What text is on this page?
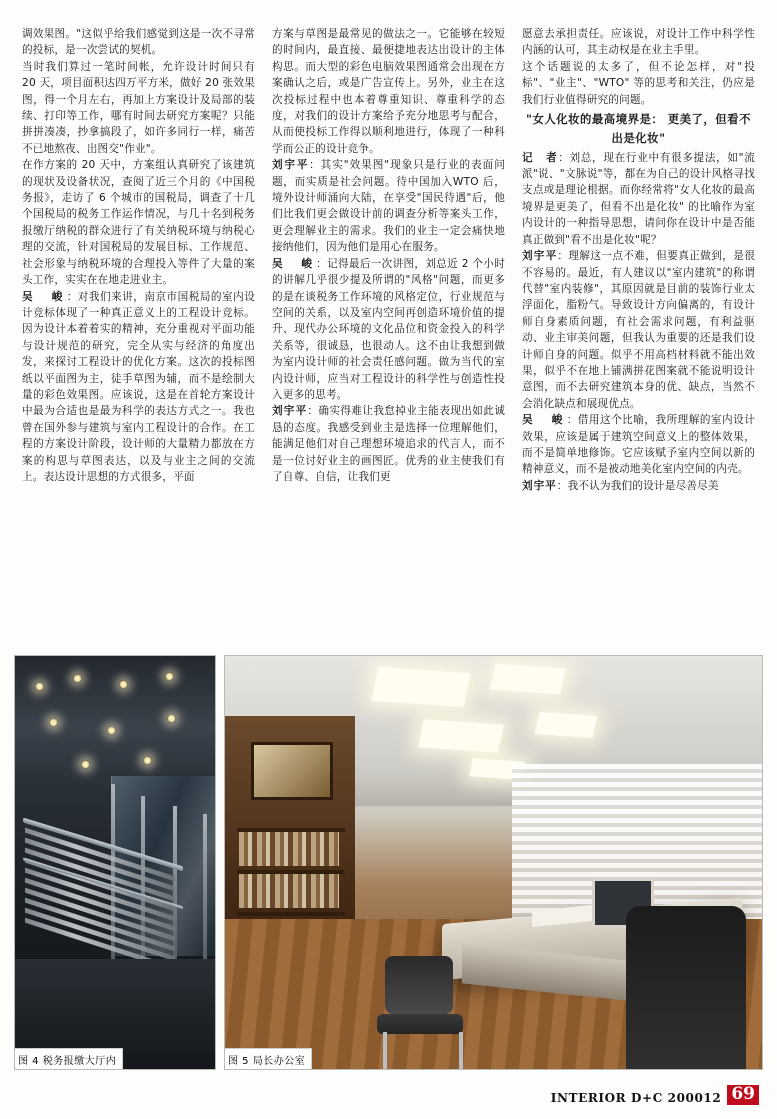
调效果图。"这似乎给我们感觉到这是一次不寻常的投标，是一次尝试的契机。

当时我们算过一笔时间帐，允许设计时间只有 20 天，项目面积达四万平方米，做好 20 张效果图，得一个月左右，再加上方案设计及局部的装续、打印等工作，哪有时间去研究方案呢？只能拼拼凑凑，抄拿搞段了，如许多同行一样，痛苦不已地熬夜、出图交"作业"。

在作方案的 20 天中，方案组认真研究了该建筑的现状及设备状况，查阅了近三个月的《中国税务报》，走访了 6 个城市的国税局，调查了十几个国税局的税务工作运作情况，与几十名到税务报缴厅纳税的群众进行了有关纳税环境与纳税心理的交流，针对国税局的发展目标、工作规范、社会形象与纳税环境的合理投入等件了大量的案头工作，实实在在地走进业主。

吴　峻：对我们来讲，南京市国税局的室内设计竞标体现了一种真正意义上的工程设计竞标。因为设计本着着实的精神，充分重视对平面功能与设计规范的研究，完全从实与经济的角度出发，来探讨工程设计的优化方案。这次的投标图纸以平面图为主，徒手草图为辅，而不是绘制大量的彩色效果图。应该说，这是在首轮方案设计中最为合适也是最为科学的表达方式之一。我也曾在国外参与建筑与室内工程设计的合作。在工程的方案设计阶段，设计师的大量精力都放在方案的构思与草图表达，以及与业主之间的交流上。表达设计思想的方式很多，平面

方案与草图是最常见的做法之一。它能够在较短的时间内，最直接、最便捷地表达出设计的主体构思。而大型的彩色电脑效果图通常会出现在方案确认之后，或是广告宣传上。另外，业主在这次投标过程中也本着尊重知识、尊重科学的态度，对我们的设计方案给予充分地思考与配合，从而使投标工作得以顺利地进行，体现了一种科学而公正的设计竞争。

刘宇平：其实"效果图"现象只是行业的表面问题，而实质是社会问题。待中国加入WTO 后，境外设计师涌向大陆，在享受"国民待遇"后，他们比我们更会做设计前的调查分析等案头工作，更会理解业主的需求。我们的业主一定会痛快地接纳他们，因为他们是用心在服务。

吴　峻：记得最后一次讲图，刘总近 2 个小时的讲解几乎很少提及所谓的"风格"问题，而更多的是在谈税务工作环境的风格定位，行业规范与空间的关系，以及室内空间再创造环境价值的提升、现代办公环境的文化品位和资金投入的科学关系等，很诚恳，也很动人。这不由让我想到做为室内设计师的社会责任感问题。做为当代的室内设计师，应当对工程设计的科学性与创造性投入更多的思考。

刘宇平：确实得难让我怠掉业主能表现出如此诚恳的态度。我感受到业主是选择一位理解他们，能满足他们对自己理想环境追求的代言人，而不是一位讨好业主的画图匠。优秀的业主使我们有了自尊、自信，让我们更

愿意去承担责任。应该说，对设计工作中科学性内涵的认可，其主动权是在业主手里。

这个话题说的太多了，但不论怎样，对"投标"、"业主"、"WTO" 等的思考和关注，仍应是我们行业值得研究的问题。

"女人化妆的最高境界是： 更美了，但看不出是化妆"

记　者：刘总，现在行业中有很多提法，如"流派"说、"文脉说"等，都在为自己的设计风格寻找支点或是理论根据。而你经常将"女人化妆的最高境界是更美了，但看不出是化妆" 的比喻作为室内设计的一种指导思想，请问你在设计中是否能真正做到"看不出是化妆"呢？

刘宇平：理解这一点不难，但要真正做到，是很不容易的。最近，有人建议以"室内建筑"的称谓代替"室内装修"，其原因就是目前的装饰行业太浮面化，脂粉气。导致设计方向偏离的，有设计师自身素质问题，有社会需求问题，有利益驱动、业主审美问题，但我认为重要的还是我们设计师自身的问题。似乎不用高档材料就不能出效果，似乎不在地上铺满拼花图案就不能说明设计意图，而不去研究建筑本身的优、缺点，当然不会消化缺点和展现优点。

吴　峻：借用这个比喻，我所理解的室内设计效果，应该是属于建筑空间意义上的整体效果，而不是简单地修饰。它应该赋予室内空间以新的精神意义，而不是被动地美化室内空间的内壳。

刘宇平：我不认为我们的设计是尽善尽美

图 4 税务报缴大厅内	图 5 局长办公室
INTERIOR D+C 200012 69
